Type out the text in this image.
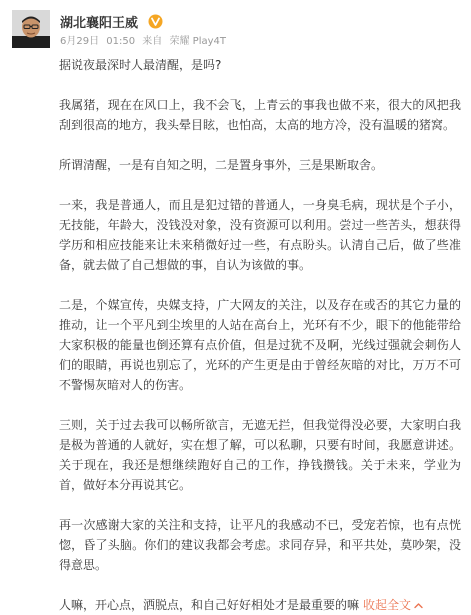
湖北襄阳王威
6月29日 01:50 来自 荣耀 Play4T

据说夜最深时人最清醒，是吗?

我属猪，现在在风口上，我不会飞，上青云的事我也做不来，很大的风把我刮到很高的地方，我头晕目眩，也怕高，太高的地方冷，没有温暖的猪窝。

所谓清醒，一是有自知之明，二是置身事外，三是果断取舍。

一来，我是普通人，而且是犯过错的普通人，一身臭毛病，现状是个子小，无技能，年龄大，没钱没对象，没有资源可以利用。尝过一些苦头，想获得学历和相应技能来让未来稍微好过一些，有点盼头。认清自己后，做了些准备，就去做了自己想做的事，自认为该做的事。

二是，个媒宣传，央媒支持，广大网友的关注，以及存在或否的其它力量的推动，让一个平凡到尘埃里的人站在高台上，光环有不少，眼下的他能带给大家积极的能量也倒还算有点价值，但是过犹不及啊，光线过强就会刺伤人们的眼睛，再说也别忘了，光环的产生更是由于曾经灰暗的对比，万万不可不警惕灰暗对人的伤害。

三则，关于过去我可以畅所欲言，无遮无拦，但我觉得没必要，大家明白我是极为普通的人就好，实在想了解，可以私聊，只要有时间，我愿意讲述。关于现在，我还是想继续跑好自己的工作，挣钱攒钱。关于未来，学业为首，做好本分再说其它。

再一次感谢大家的关注和支持，让平凡的我感动不已，受宠若惊，也有点恍惚，昏了头脑。你们的建议我都会考虑。求同存异，和平共处，莫吵架，没得意思。

人嘛，开心点，洒脱点，和自己好好相处才是最重要的嘛 收起全文
